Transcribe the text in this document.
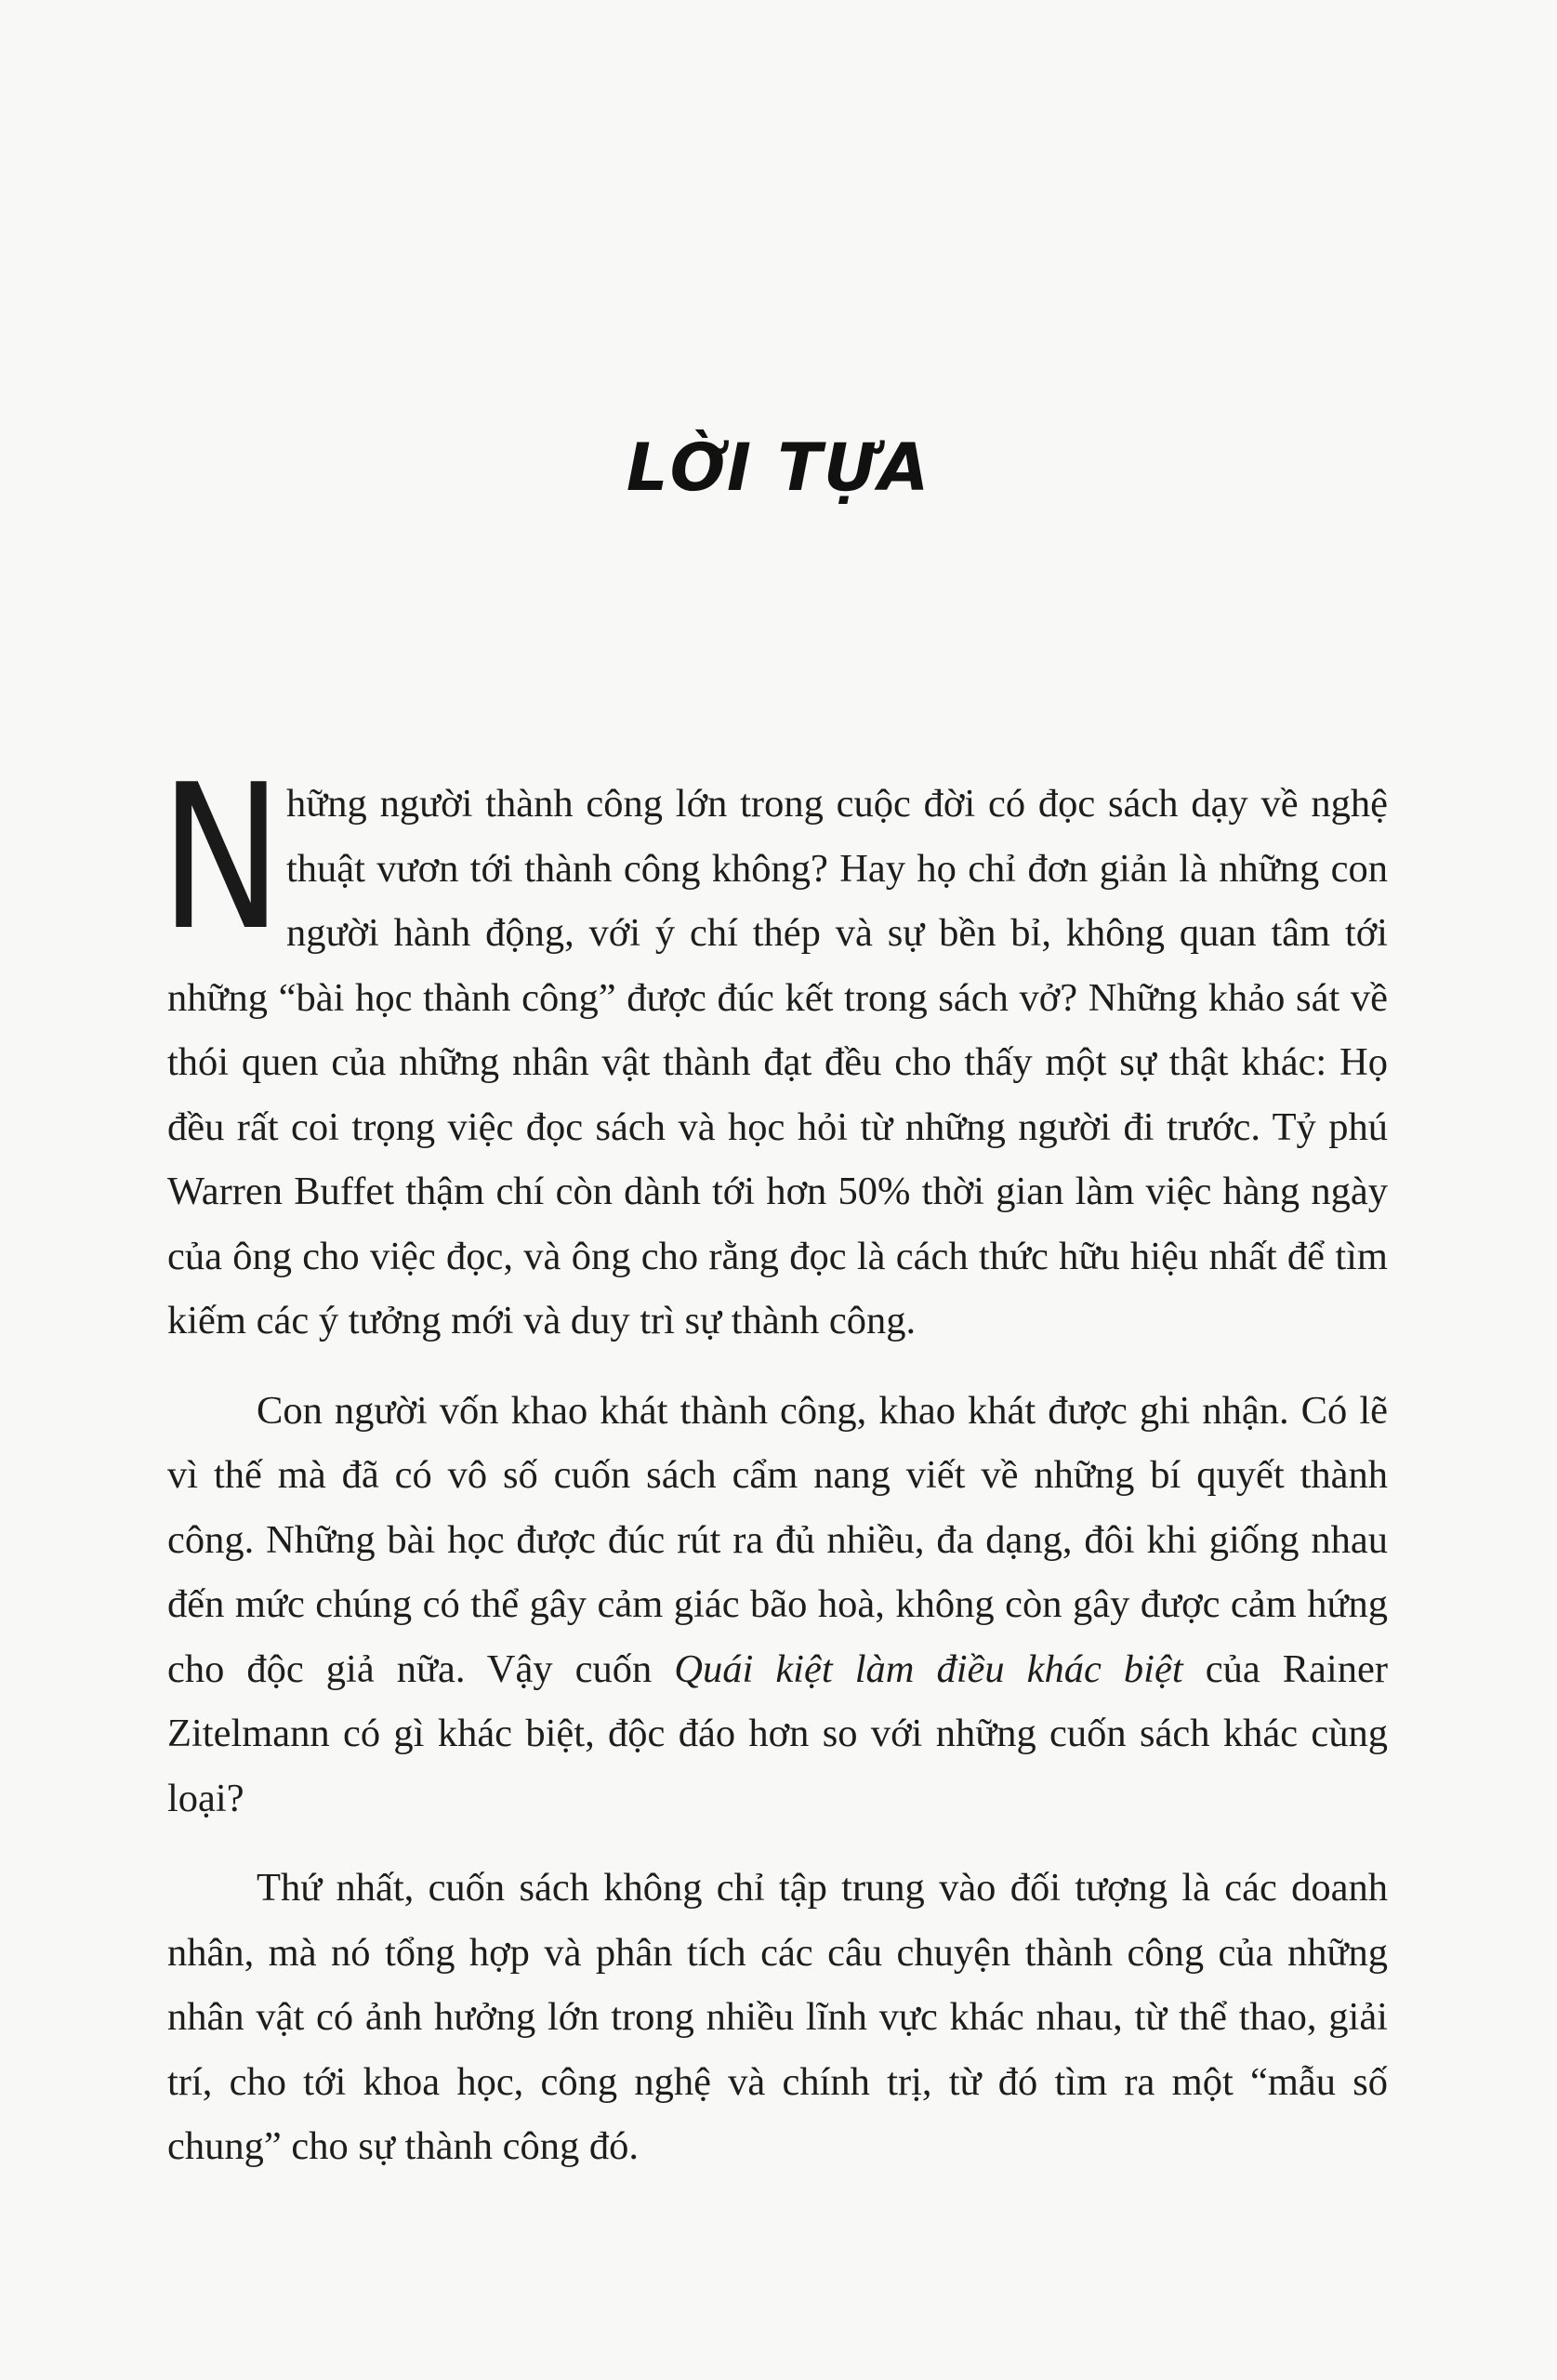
LỜI TỰA

Những người thành công lớn trong cuộc đời có đọc sách dạy về nghệ thuật vươn tới thành công không? Hay họ chỉ đơn giản là những con người hành động, với ý chí thép và sự bền bỉ, không quan tâm tới những “bài học thành công” được đúc kết trong sách vở? Những khảo sát về thói quen của những nhân vật thành đạt đều cho thấy một sự thật khác: Họ đều rất coi trọng việc đọc sách và học hỏi từ những người đi trước. Tỷ phú Warren Buffet thậm chí còn dành tới hơn 50% thời gian làm việc hàng ngày của ông cho việc đọc, và ông cho rằng đọc là cách thức hữu hiệu nhất để tìm kiếm các ý tưởng mới và duy trì sự thành công.

Con người vốn khao khát thành công, khao khát được ghi nhận. Có lẽ vì thế mà đã có vô số cuốn sách cẩm nang viết về những bí quyết thành công. Những bài học được đúc rút ra đủ nhiều, đa dạng, đôi khi giống nhau đến mức chúng có thể gây cảm giác bão hoà, không còn gây được cảm hứng cho độc giả nữa. Vậy cuốn Quái kiệt làm điều khác biệt của Rainer Zitelmann có gì khác biệt, độc đáo hơn so với những cuốn sách khác cùng loại?

Thứ nhất, cuốn sách không chỉ tập trung vào đối tượng là các doanh nhân, mà nó tổng hợp và phân tích các câu chuyện thành công của những nhân vật có ảnh hưởng lớn trong nhiều lĩnh vực khác nhau, từ thể thao, giải trí, cho tới khoa học, công nghệ và chính trị, từ đó tìm ra một “mẫu số chung” cho sự thành công đó.
